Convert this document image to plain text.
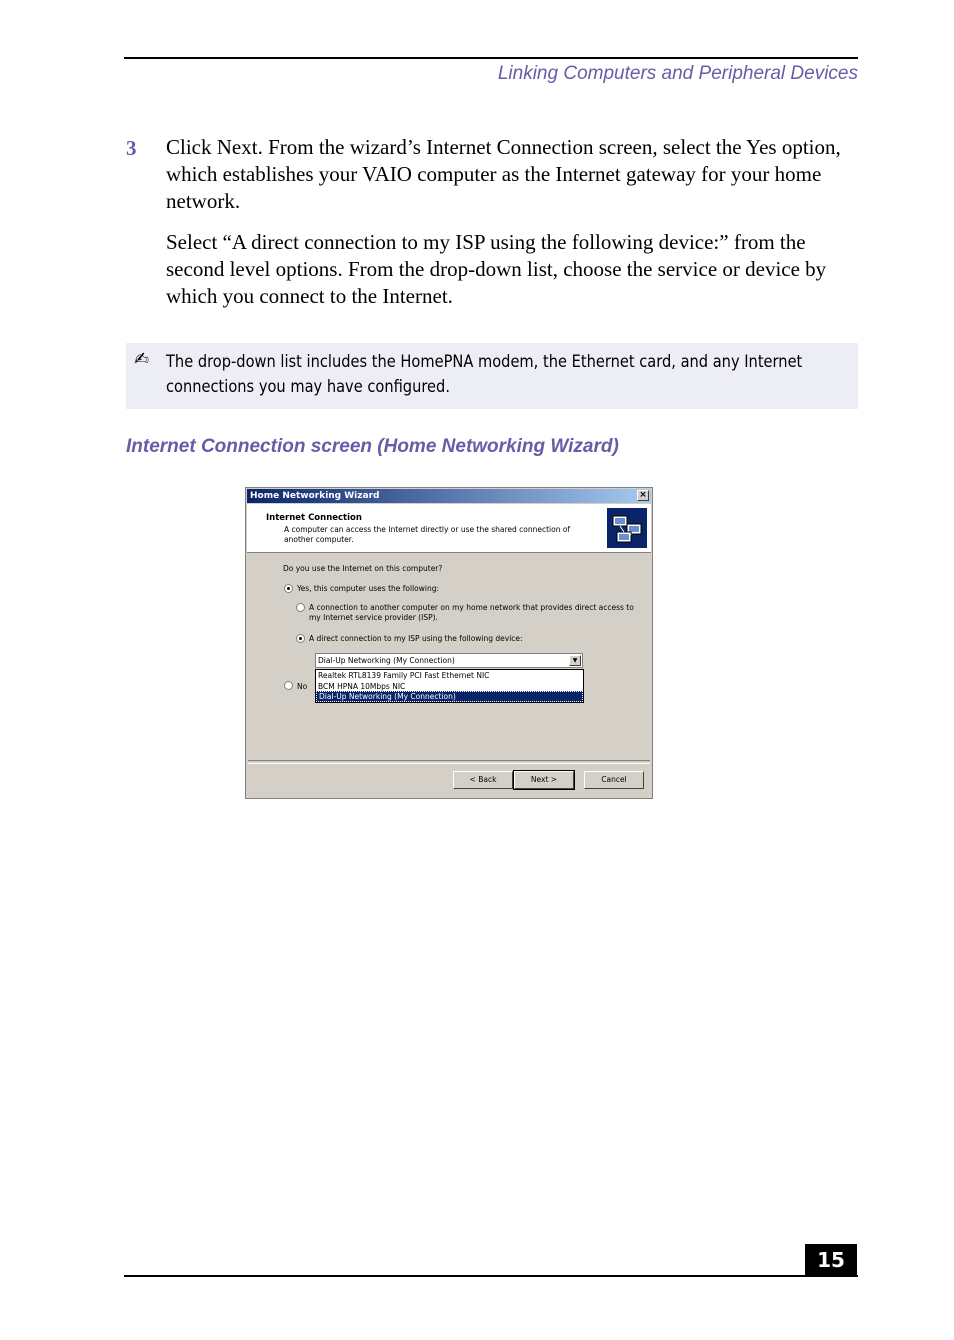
Linking Computers and Peripheral Devices
3 Click Next. From the wizard’s Internet Connection screen, select the Yes option, which establishes your VAIO computer as the Internet gateway for your home network.
Select “A direct connection to my ISP using the following device:” from the second level options. From the drop-down list, choose the service or device by which you connect to the Internet.
✍ The drop-down list includes the HomePNA modem, the Ethernet card, and any Internet connections you may have configured.
Internet Connection screen (Home Networking Wizard)
Home Networking Wizard	×
Internet Connection
A computer can access the Internet directly or use the shared connection of another computer.
Do you use the Internet on this computer?
Yes, this computer uses the following:
A connection to another computer on my home network that provides direct access to my Internet service provider (ISP).
A direct connection to my ISP using the following device:
Dial-Up Networking (My Connection)	▼
Realtek RTL8139 Family PCI Fast Ethernet NIC
BCM HPNA 10Mbps NIC
Dial-Up Networking (My Connection)
No
< Back	Next >	Cancel
15
